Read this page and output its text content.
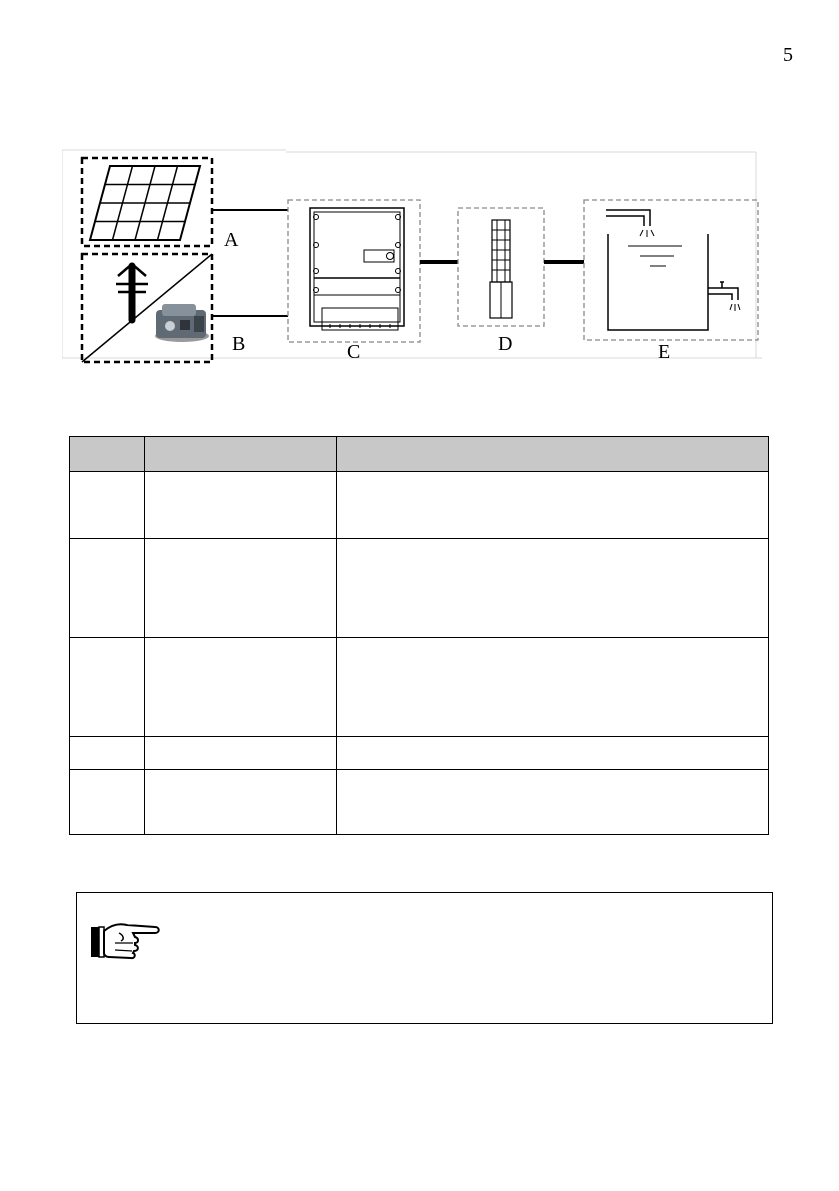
5
A
B	C	D	E
